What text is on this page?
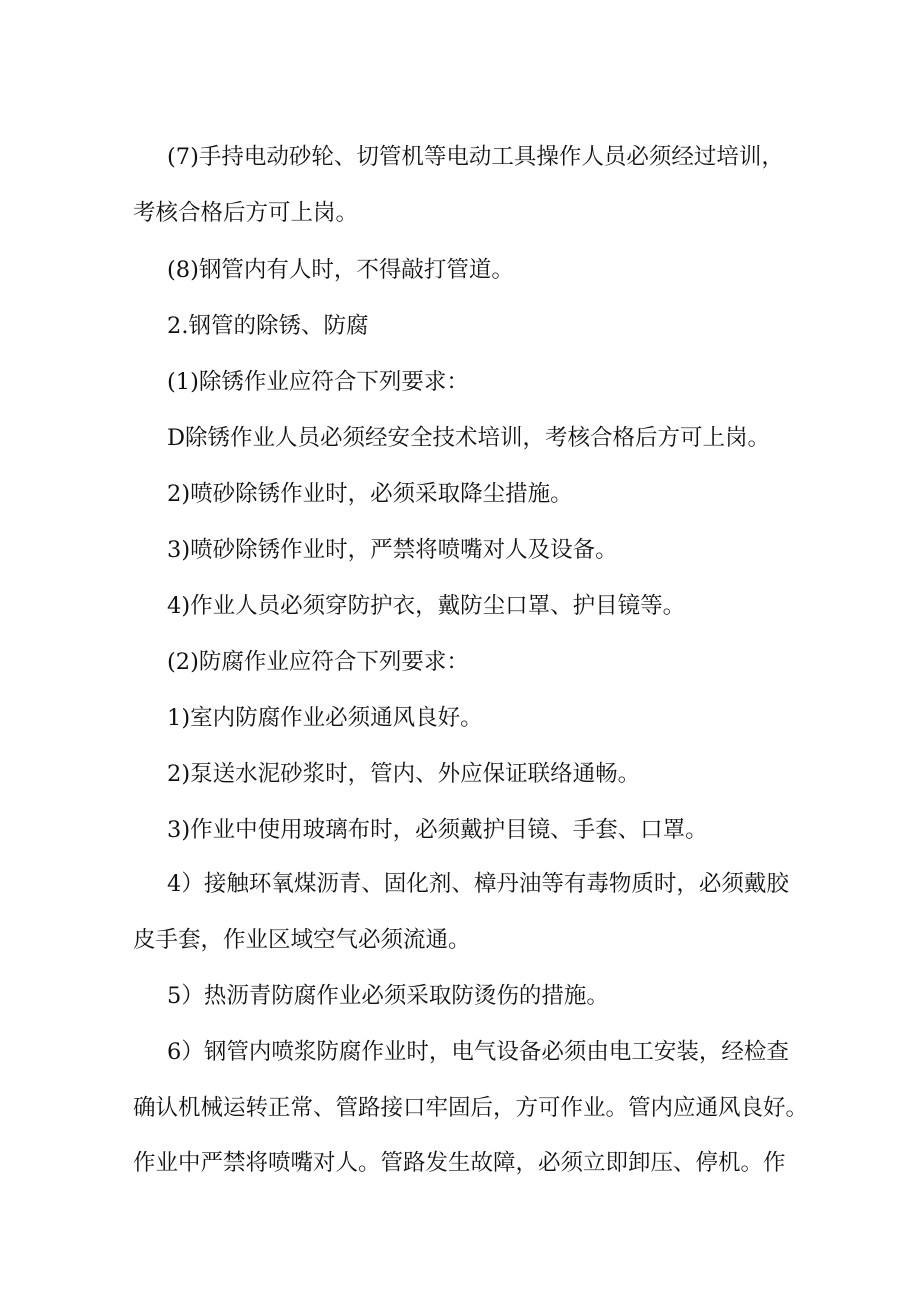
(7)手持电动砂轮、切管机等电动工具操作人员必须经过培训，
考核合格后方可上岗。
(8)钢管内有人时，不得敲打管道。
2.钢管的除锈、防腐
(1)除锈作业应符合下列要求：
D除锈作业人员必须经安全技术培训，考核合格后方可上岗。
2)喷砂除锈作业时，必须采取降尘措施。
3)喷砂除锈作业时，严禁将喷嘴对人及设备。
4)作业人员必须穿防护衣，戴防尘口罩、护目镜等。
(2)防腐作业应符合下列要求：
1)室内防腐作业必须通风良好。
2)泵送水泥砂浆时，管内、外应保证联络通畅。
3)作业中使用玻璃布时，必须戴护目镜、手套、口罩。
4）接触环氧煤沥青、固化剂、樟丹油等有毒物质时，必须戴胶
皮手套，作业区域空气必须流通。
5）热沥青防腐作业必须采取防烫伤的措施。
6）钢管内喷浆防腐作业时，电气设备必须由电工安装，经检查
确认机械运转正常、管路接口牢固后，方可作业。管内应通风良好。
作业中严禁将喷嘴对人。管路发生故障，必须立即卸压、停机。作
